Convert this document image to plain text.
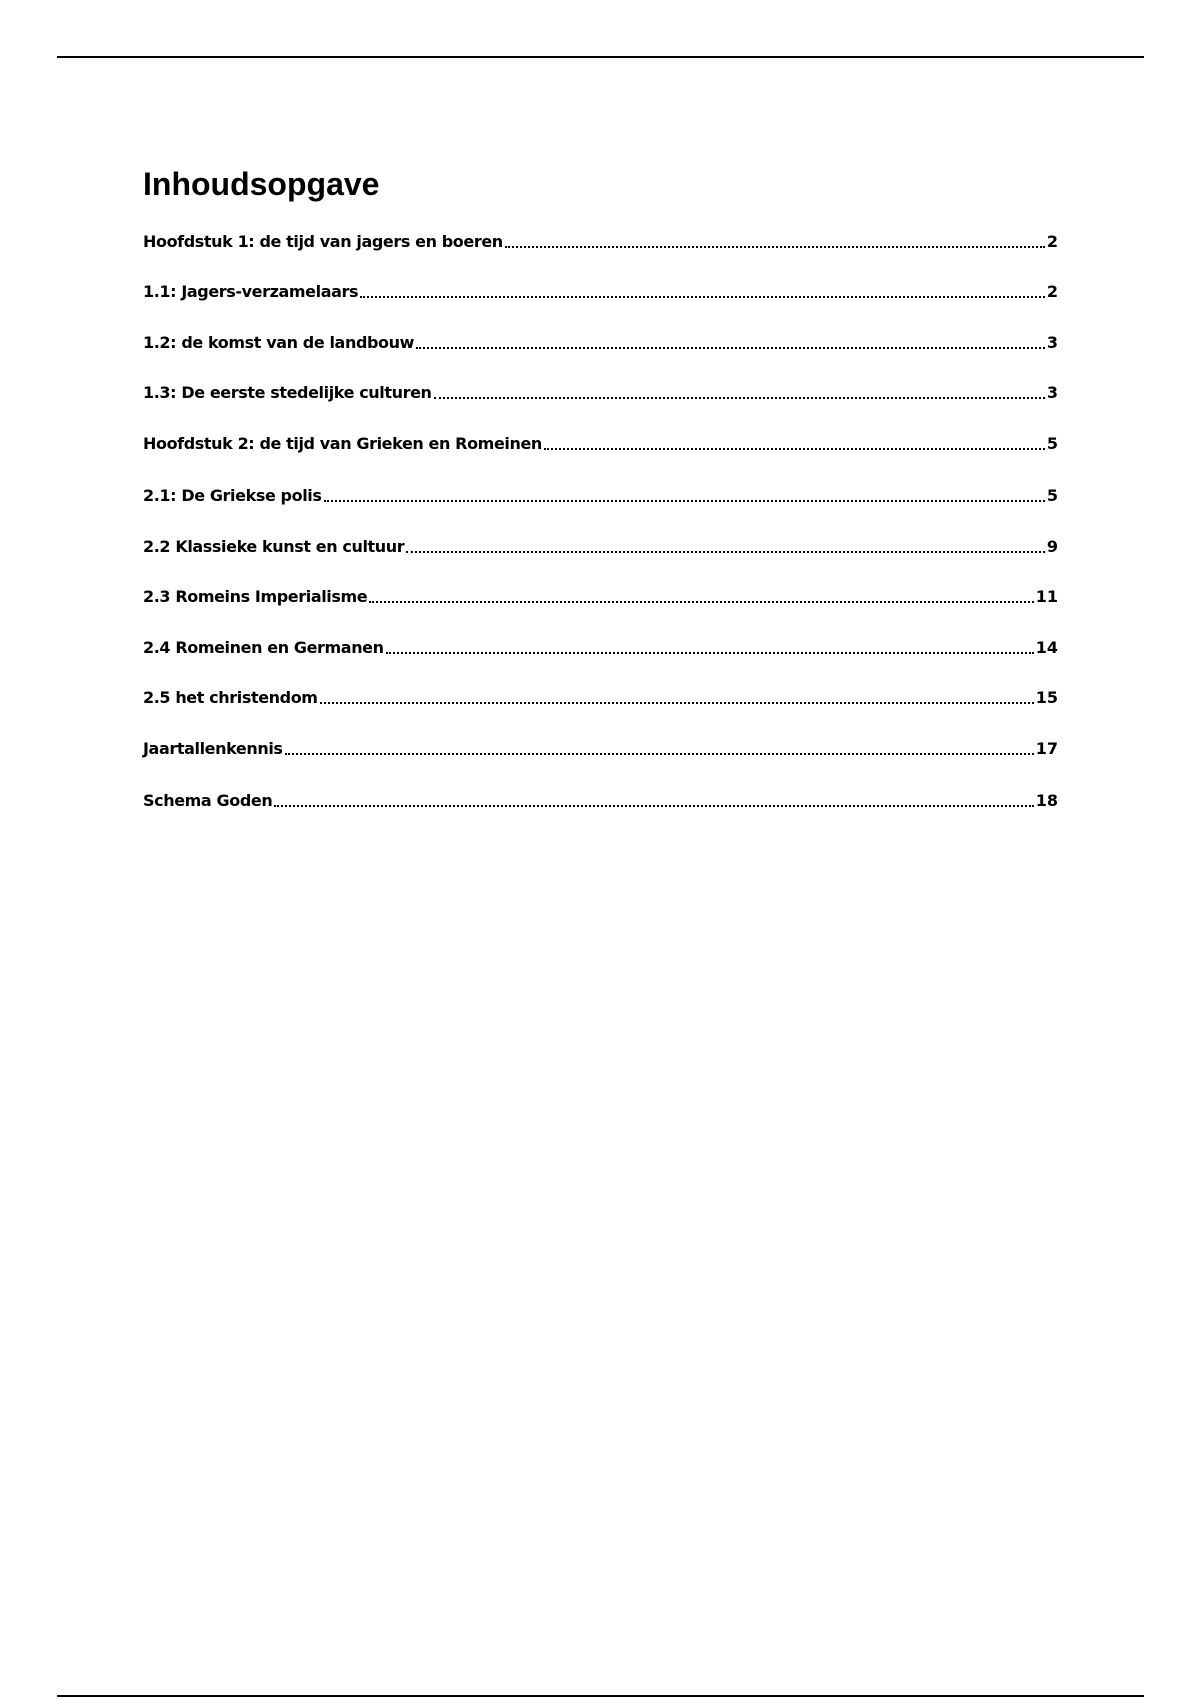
Inhoudsopgave
Hoofdstuk 1: de tijd van jagers en boeren	2
1.1: Jagers-verzamelaars	2
1.2: de komst van de landbouw	3
1.3: De eerste stedelijke culturen	3
Hoofdstuk 2: de tijd van Grieken en Romeinen	5
2.1: De Griekse polis	5
2.2 Klassieke kunst en cultuur	9
2.3 Romeins Imperialisme	11
2.4 Romeinen en Germanen	14
2.5 het christendom	15
Jaartallenkennis	17
Schema Goden	18
